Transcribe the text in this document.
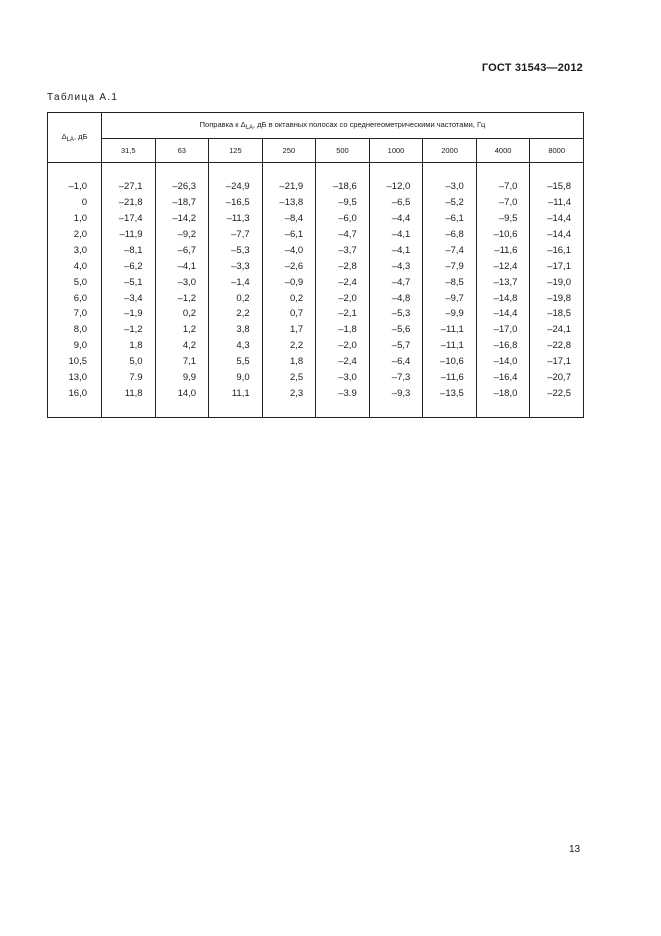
ГОСТ 31543—2012
Таблица А.1
$\Delta_{LA}$, дБ	Поправка к $\Delta_{LA}$, дБ в октавных полосах со среднегеометрическими частотами, Гц								
	31,5	63	125	250	500	1000	2000	4000	8000

–1,0	–27,1	–26,3	–24,9	–21,9	–18,6	–12,0	–3,0	–7,0	–15,8
0	–21,8	–18,7	–16,5	–13,8	–9,5	–6,5	–5,2	–7,0	–11,4
1,0	–17,4	–14,2	–11,3	–8,4	–6,0	–4,4	–6,1	–9,5	–14,4
2,0	–11,9	–9,2	–7,7	–6,1	–4,7	–4,1	–6,8	–10,6	–14,4
3,0	–8,1	–6,7	–5,3	–4,0	–3,7	–4,1	–7,4	–11,6	–16,1
4,0	–6,2	–4,1	–3,3	–2,6	–2,8	–4,3	–7,9	–12,4	–17,1
5,0	–5,1	–3,0	–1,4	–0,9	–2,4	–4,7	–8,5	–13,7	–19,0
6,0	–3,4	–1,2	0,2	0,2	–2,0	–4,8	–9,7	–14,8	–19,8
7,0	–1,9	0,2	2,2	0,7	–2,1	–5,3	–9,9	–14,4	–18,5
8,0	–1,2	1,2	3,8	1,7	–1,8	–5,6	–11,1	–17,0	–24,1
9,0	1,8	4,2	4,3	2,2	–2,0	–5,7	–11,1	–16,8	–22,8
10,5	5,0	7,1	5,5	1,8	–2,4	–6,4	–10,6	–14,0	–17,1
13,0	7.9	9,9	9,0	2,5	–3,0	–7,3	–11,6	–16,4	–20,7
16,0	11,8	14,0	11,1	2,3	–3.9	–9,3	–13,5	–18,0	–22,5

13
